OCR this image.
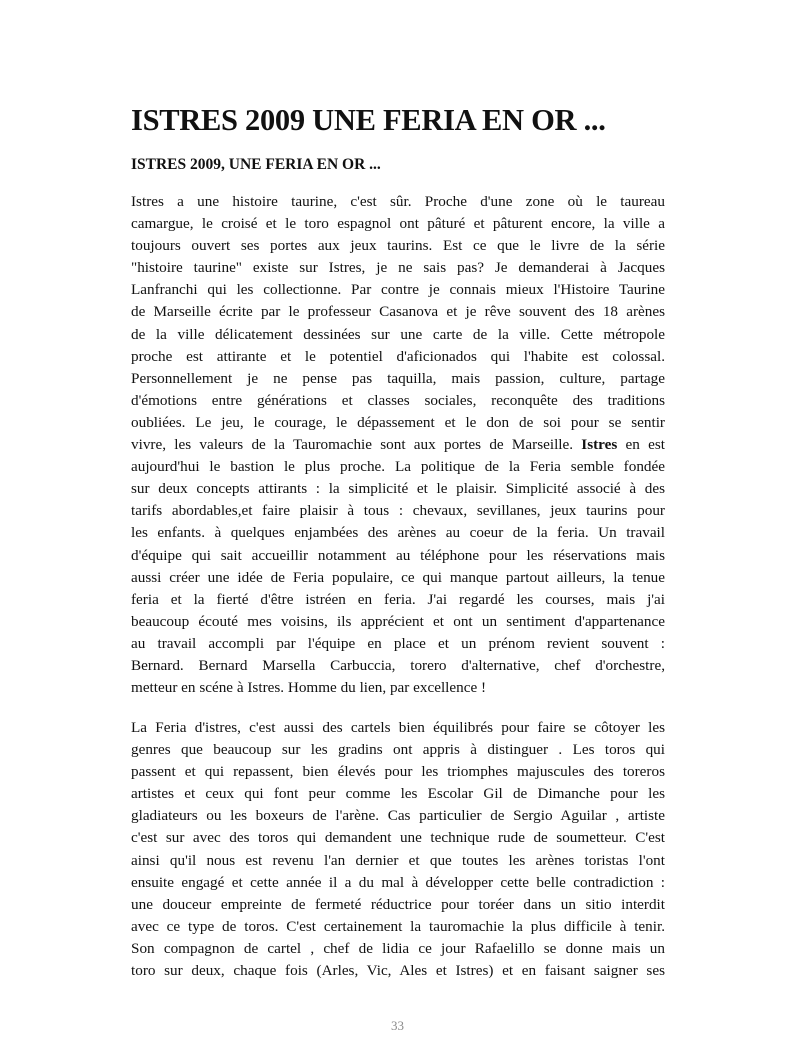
ISTRES 2009 UNE FERIA EN OR ...
ISTRES 2009, UNE FERIA EN OR ...
Istres a une histoire taurine, c'est sûr. Proche d'une zone où le taureau
camargue, le croisé et le toro espagnol ont pâturé et pâturent encore, la ville a
toujours ouvert ses portes aux jeux taurins. Est ce que le livre de la série
"histoire taurine" existe sur Istres, je ne sais pas? Je demanderai à Jacques
Lanfranchi qui les collectionne. Par contre je connais mieux l'Histoire Taurine
de Marseille écrite par le professeur Casanova et je rêve souvent des 18 arènes
de la ville délicatement dessinées sur une carte de la ville. Cette métropole
proche est attirante et le potentiel d'aficionados qui l'habite est colossal.
Personnellement je ne pense pas taquilla, mais passion, culture, partage
d'émotions entre générations et classes sociales, reconquête des traditions
oubliées. Le jeu, le courage, le dépassement et le don de soi pour se sentir
vivre, les valeurs de la Tauromachie sont aux portes de Marseille. Istres en est
aujourd'hui le bastion le plus proche. La politique de la Feria semble fondée
sur deux concepts attirants : la simplicité et le plaisir. Simplicité associé à des
tarifs abordables,et faire plaisir à tous : chevaux, sevillanes, jeux taurins pour
les enfants. à quelques enjambées des arènes au coeur de la feria. Un travail
d'équipe qui sait accueillir notamment au téléphone pour les réservations mais
aussi créer une idée de Feria populaire, ce qui manque partout ailleurs, la tenue
feria et la fierté d'être istréen en feria. J'ai regardé les courses, mais j'ai
beaucoup écouté mes voisins, ils apprécient et ont un sentiment d'appartenance
au travail accompli par l'équipe en place et un prénom revient souvent :
Bernard. Bernard Marsella Carbuccia, torero d'alternative, chef d'orchestre,
metteur en scéne à Istres. Homme du lien, par excellence !
La Feria d'istres, c'est aussi des cartels bien équilibrés pour faire se côtoyer les
genres que beaucoup sur les gradins ont appris à distinguer . Les toros qui
passent et qui repassent, bien élevés pour les triomphes majuscules des toreros
artistes et ceux qui font peur comme les Escolar Gil de Dimanche pour les
gladiateurs ou les boxeurs de l'arène. Cas particulier de Sergio Aguilar , artiste
c'est sur avec des toros qui demandent une technique rude de soumetteur. C'est
ainsi qu'il nous est revenu l'an dernier et que toutes les arènes toristas l'ont
ensuite engagé et cette année il a du mal à développer cette belle contradiction :
une douceur empreinte de fermeté réductrice pour toréer dans un sitio interdit
avec ce type de toros. C'est certainement la tauromachie la plus difficile à tenir.
Son compagnon de cartel , chef de lidia ce jour Rafaelillo se donne mais un
toro sur deux, chaque fois (Arles, Vic, Ales et Istres) et en faisant saigner ses

33
